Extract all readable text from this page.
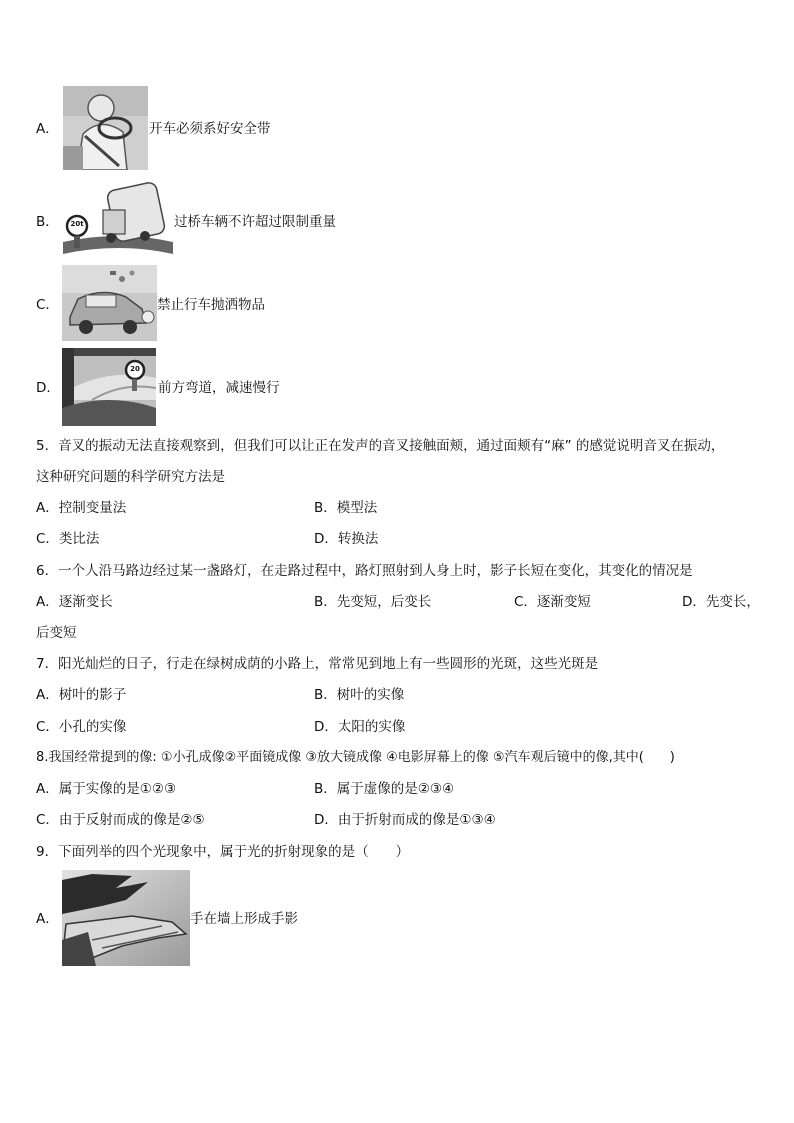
A．	开车必须系好安全带
B．	20t	过桥车辆不许超过限制重量
C．	禁止行车抛洒物品
D．
20
前方弯道，减速慢行
5．音叉的振动无法直接观察到，但我们可以让正在发声的音叉接触面颊，通过面颊有“麻” 的感觉说明音叉在振动，
这种研究问题的科学研究方法是
A．控制变量法	B．模型法
C．类比法	D．转换法
6．一个人沿马路边经过某一盏路灯，在走路过程中，路灯照射到人身上时，影子长短在变化，其变化的情况是
A．逐渐变长	B．先变短，后变长	C．逐渐变短	D．先变长，
后变短
7．阳光灿烂的日子，行走在绿树成荫的小路上，常常见到地上有一些圆形的光斑，这些光斑是
A．树叶的影子	B．树叶的实像
C．小孔的实像	D．太阳的实像
8.我国经常提到的像: ①小孔成像②平面镜成像 ③放大镜成像 ④电影屏幕上的像 ⑤汽车观后镜中的像,其中(　　)
A．属于实像的是①②③	B．属于虚像的是②③④
C．由于反射而成的像是②⑤	D．由于折射而成的像是①③④
9．下面列举的四个光现象中，属于光的折射现象的是（　　）
A．	手在墙上形成手影
